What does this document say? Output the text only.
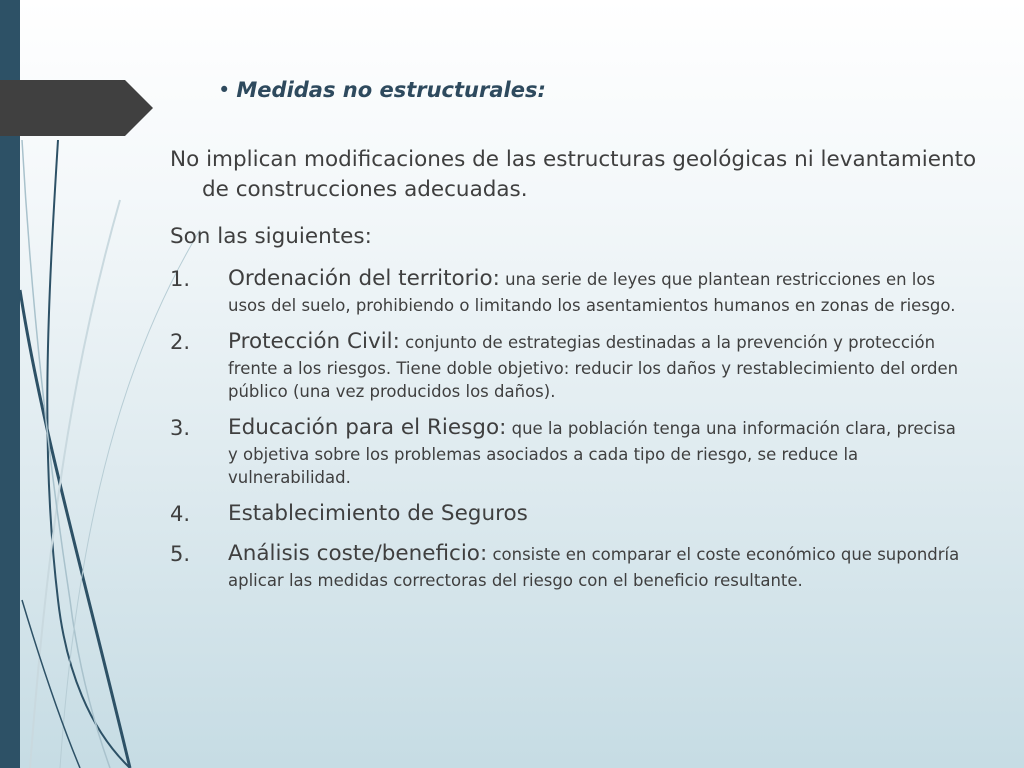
• Medidas no estructurales:
No implican modificaciones de las estructuras geológicas ni levantamiento de construcciones adecuadas.
Son las siguientes:
1. Ordenación del territorio: una serie de leyes que plantean restricciones en los usos del suelo, prohibiendo o limitando los asentamientos humanos en zonas de riesgo.
2. Protección Civil: conjunto de estrategias destinadas a la prevención y protección frente a los riesgos. Tiene doble objetivo: reducir los daños y restablecimiento del orden público (una vez producidos los daños).
3. Educación para el Riesgo: que la población tenga una información clara, precisa y objetiva sobre los problemas asociados a cada tipo de riesgo, se reduce la vulnerabilidad.
4. Establecimiento de Seguros
5. Análisis coste/beneficio: consiste en comparar el coste económico que supondría aplicar las medidas correctoras del riesgo con el beneficio resultante.
